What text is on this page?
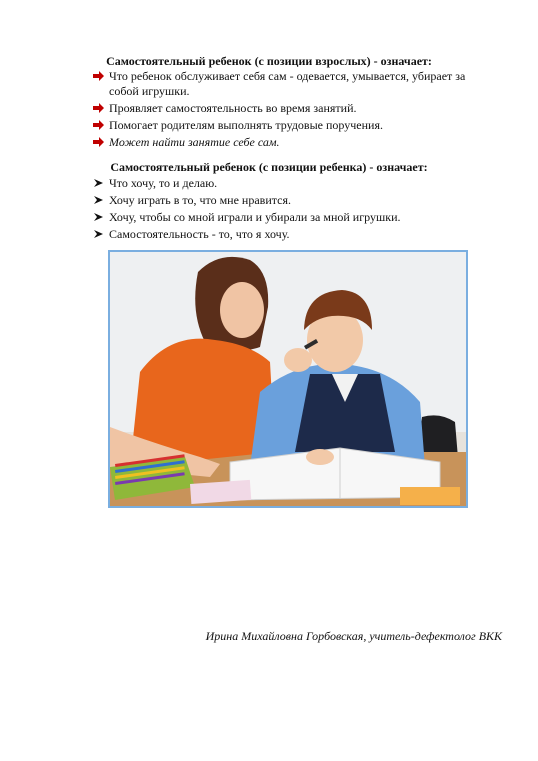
Самостоятельный ребенок (с позиции взрослых) - означает:
Что ребенок обслуживает себя сам - одевается, умывается, убирает за собой игрушки.
Проявляет самостоятельность во время занятий.
Помогает родителям выполнять трудовые поручения.
Может найти занятие себе сам.
Самостоятельный ребенок (с позиции ребенка) - означает:
Что хочу, то и делаю.
Хочу играть в то, что мне нравится.
Хочу, чтобы со мной играли и убирали за мной игрушки.
Самостоятельность - то, что я хочу.
Ирина Михайловна Горбовская, учитель-дефектолог ВКК
